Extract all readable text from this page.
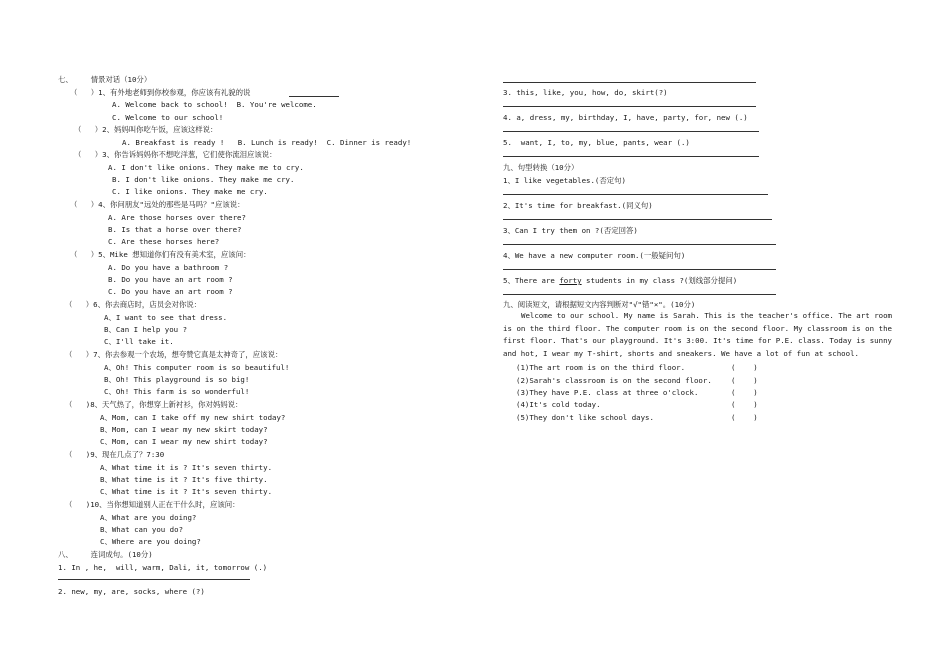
七、    情景对话（10分）
（   ）1、有外地老师到你校参观，你应该有礼貌的说
A. Welcome back to school!  B. You're welcome.
C. Welcome to our school!
（   ）2、妈妈叫你吃午饭，应该这样说：
A. Breakfast is ready !   B. Lunch is ready!  C. Dinner is ready!
（   ）3、你告诉妈妈你不想吃洋葱，它们使你流泪应该说：
A. I don't like onions. They make me to cry.
B. I don't like onions. They make me cry.
C. I like onions. They make me cry.
（   ）4、你问朋友"远处的那些是马吗？"应该说：
A. Are those horses over there?
B. Is that a horse over there?
C. Are these horses here?
（   ）5、Mike 想知道你们有没有美术室，应该问：
A. Do you have a bathroom ?
B. Do you have an art room ?
C. Do you have an art room ?
（   ）6、你去商店时，店员会对你说：
A、I want to see that dress.
B、Can I help you ?
C、I'll take it.
（   ）7、你去参观一个农场，想夸赞它真是太神奇了，应该说：
A、Oh! This computer room is so beautiful!
B、Oh! This playground is so big!
C、Oh! This farm is so wonderful!
（   )8、天气热了，你想穿上新衬衫，你对妈妈说：
A、Mom, can I take off my new shirt today?
B、Mom, can I wear my new skirt today?
C、Mom, can I wear my new shirt today?
（   )9、现在几点了？7:30
A、What time it is ? It's seven thirty.
B、What time is it ? It's five thirty.
C、What time is it ? It's seven thirty.
（   )10、当你想知道别人正在干什么时，应该问：
A、What are you doing?
B、What can you do?
C、Where are you doing?
八、    连词成句。(10分)
1. In , he,  will, warm, Dali, it, tomorrow (.)
2. new, my, are, socks, where (?)
3. this, like, you, how, do, skirt(?)
4. a, dress, my, birthday, I, have, party, for, new (.)
5.  want, I, to, my, blue, pants, wear (.)
九、句型转换（10分）
1、I like vegetables.(否定句)
2、It's time for breakfast.(同义句)
3、Can I try them on ?(否定回答)
4、We have a new computer room.(一般疑问句)
5、There are forty students in my class ?(划线部分提问)
九、阅读短文，请根据短文内容判断对"√"错"×"。(10分)
Welcome to our school. My name is Sarah. This is the teacher's office. The art room is on the third floor. The computer room is on the second floor. My classroom is on the first floor. That's our playground. It's 3:00. It's time for P.E. class. Today is sunny and hot, I wear my T-shirt, shorts and sneakers. We have a lot of fun at school.
(1)The art room is on the third floor.	(    )
(2)Sarah's classroom is on the second floor.	(    )
(3)They have P.E. class at three o'clock.	(    )
(4)It's cold today.	(    )
(5)They don't like school days.	(    )
